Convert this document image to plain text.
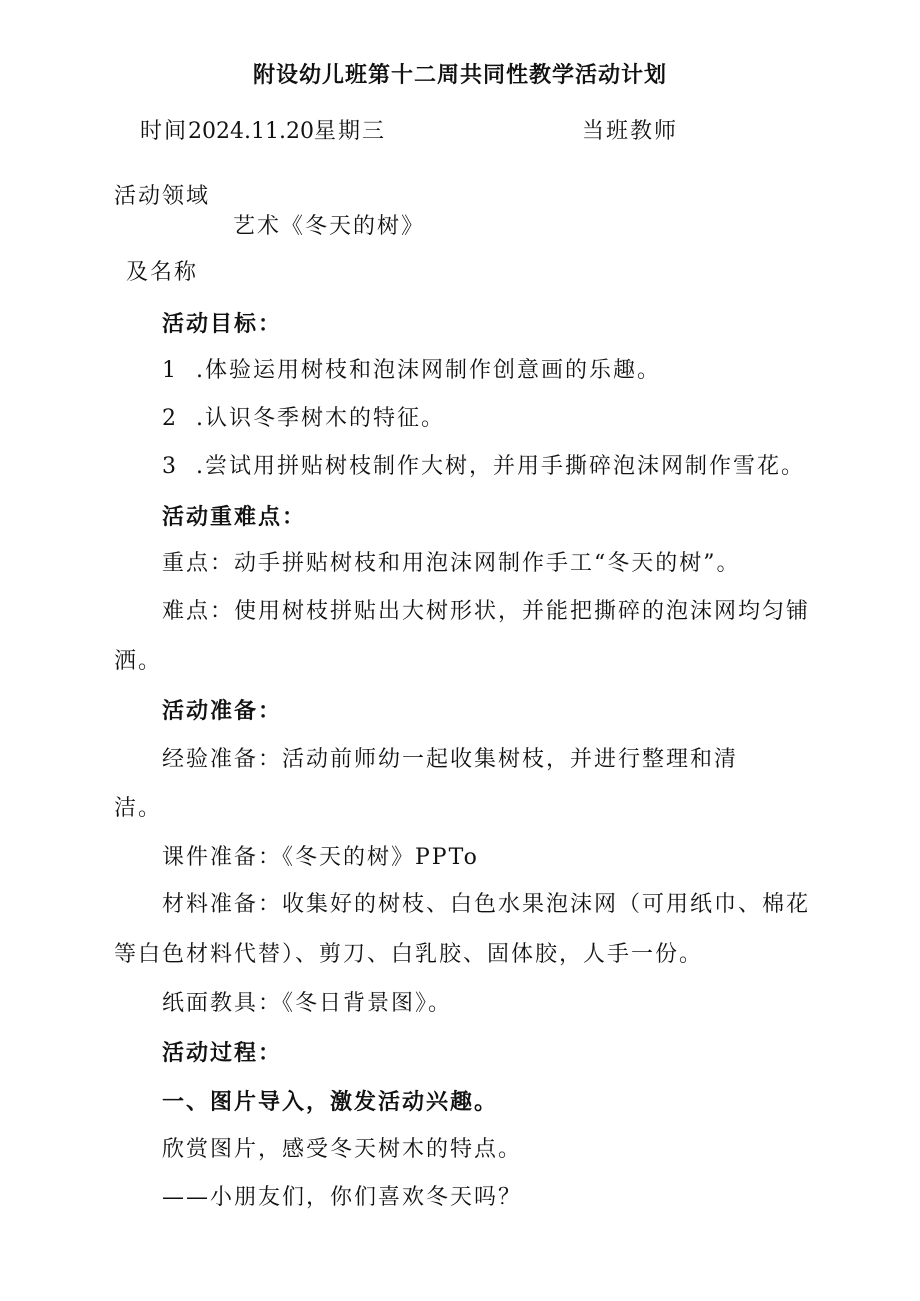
附设幼儿班第十二周共同性教学活动计划
时间2024.11.20星期三	当班教师
活动领域
艺术《冬天的树》
及名称
活动目标：
1 .体验运用树枝和泡沫网制作创意画的乐趣。
2 .认识冬季树木的特征。
3 .尝试用拼贴树枝制作大树，并用手撕碎泡沫网制作雪花。
活动重难点：
重点：动手拼贴树枝和用泡沫网制作手工“冬天的树”。
难点：使用树枝拼贴出大树形状，并能把撕碎的泡沫网均匀铺
洒。
活动准备：
经验准备：活动前师幼一起收集树枝，并进行整理和清
洁。
课件准备：《冬天的树》PPTo
材料准备：收集好的树枝、白色水果泡沫网（可用纸巾、棉花
等白色材料代替）、剪刀、白乳胶、固体胶，人手一份。
纸面教具：《冬日背景图》。
活动过程：
一、图片导入，激发活动兴趣。
欣赏图片，感受冬天树木的特点。
——小朋友们，你们喜欢冬天吗？
